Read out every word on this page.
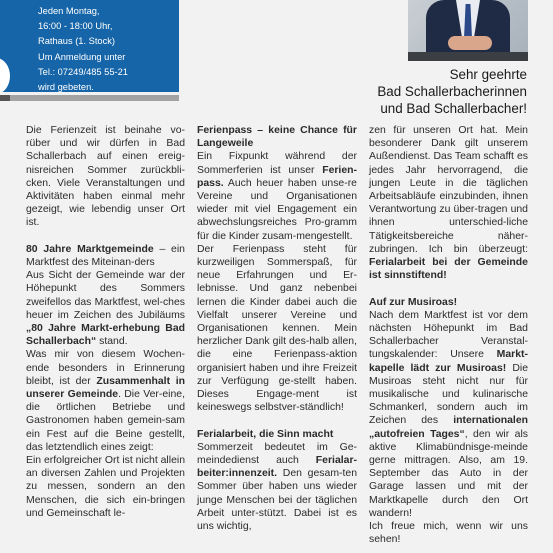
Jeden Montag,
16:00 - 18:00 Uhr,
Rathaus (1. Stock)
Um Anmeldung unter
Tel.: 07249/485 55-21
wird gebeten.
Sehr geehrte
Bad Schallerbacherinnen
und Bad Schallerbacher!

Die Ferienzeit ist beinahe vo-rüber und wir dürfen in Bad Schallerbach auf einen ereig-nisreichen Sommer zurückbli-cken. Viele Veranstaltungen und Aktivitäten haben einmal mehr gezeigt, wie lebendig unser Ort ist.

80 Jahre Marktgemeinde – ein Marktfest des Miteinan-ders

Aus Sicht der Gemeinde war der Höhepunkt des Sommers zweifellos das Marktfest, wel-ches heuer im Zeichen des Jubiläums „80 Jahre Markt-erhebung Bad Schallerbach“ stand.

Was mir von diesem Wochen-ende besonders in Erinnerung bleibt, ist der Zusammenhalt in unserer Gemeinde. Die Ver-eine, die örtlichen Betriebe und Gastronomen haben gemein-sam ein Fest auf die Beine gestellt, das letztendlich eines zeigt:

Ein erfolgreicher Ort ist nicht allein an diversen Zahlen und Projekten zu messen, sondern an den Menschen, die sich ein-bringen und Gemeinschaft le-

Ferienpass – keine Chance für Langeweile

Ein Fixpunkt während der Sommerferien ist unser Ferien-pass. Auch heuer haben unse-re Vereine und Organisationen wieder mit viel Engagement ein abwechslungsreiches Pro-gramm für die Kinder zusam-mengestellt.

Der Ferienpass steht für kurzweiligen Sommerspaß, für neue Erfahrungen und Er-lebnisse. Und ganz nebenbei lernen die Kinder dabei auch die Vielfalt unserer Vereine und Organisationen kennen. Mein herzlicher Dank gilt des-halb allen, die eine Ferienpass-aktion organisiert haben und ihre Freizeit zur Verfügung ge-stellt haben. Dieses Engage-ment ist keineswegs selbstver-ständlich!

Ferialarbeit, die Sinn macht

Sommerzeit bedeutet im Ge-meindedienst auch Ferialar-beiter:innenzeit. Den gesam-ten Sommer über haben uns wieder junge Menschen bei der täglichen Arbeit unter-stützt. Dabei ist es uns wichtig,

zen für unseren Ort hat. Mein besonderer Dank gilt unserem Außendienst. Das Team schafft es jedes Jahr hervorragend, die jungen Leute in die täglichen Arbeitsabläufe einzubinden, ihnen Verantwortung zu über-tragen und ihnen unterschied-liche Tätigkeitsbereiche näher-zubringen. Ich bin überzeugt: Ferialarbeit bei der Gemeinde ist sinnstiftend!

Auf zur Musiroas!

Nach dem Marktfest ist vor dem nächsten Höhepunkt im Bad Schallerbacher Veranstal-tungskalender: Unsere Markt-kapelle lädt zur Musiroas! Die Musiroas steht nicht nur für musikalische und kulinarische Schmankerl, sondern auch im Zeichen des internationalen „autofreien Tages“, den wir als aktive Klimabündnisge-meinde gerne mittragen. Also, am 19. September das Auto in der Garage lassen und mit der Marktkapelle durch den Ort wandern!

Ich freue mich, wenn wir uns sehen!
